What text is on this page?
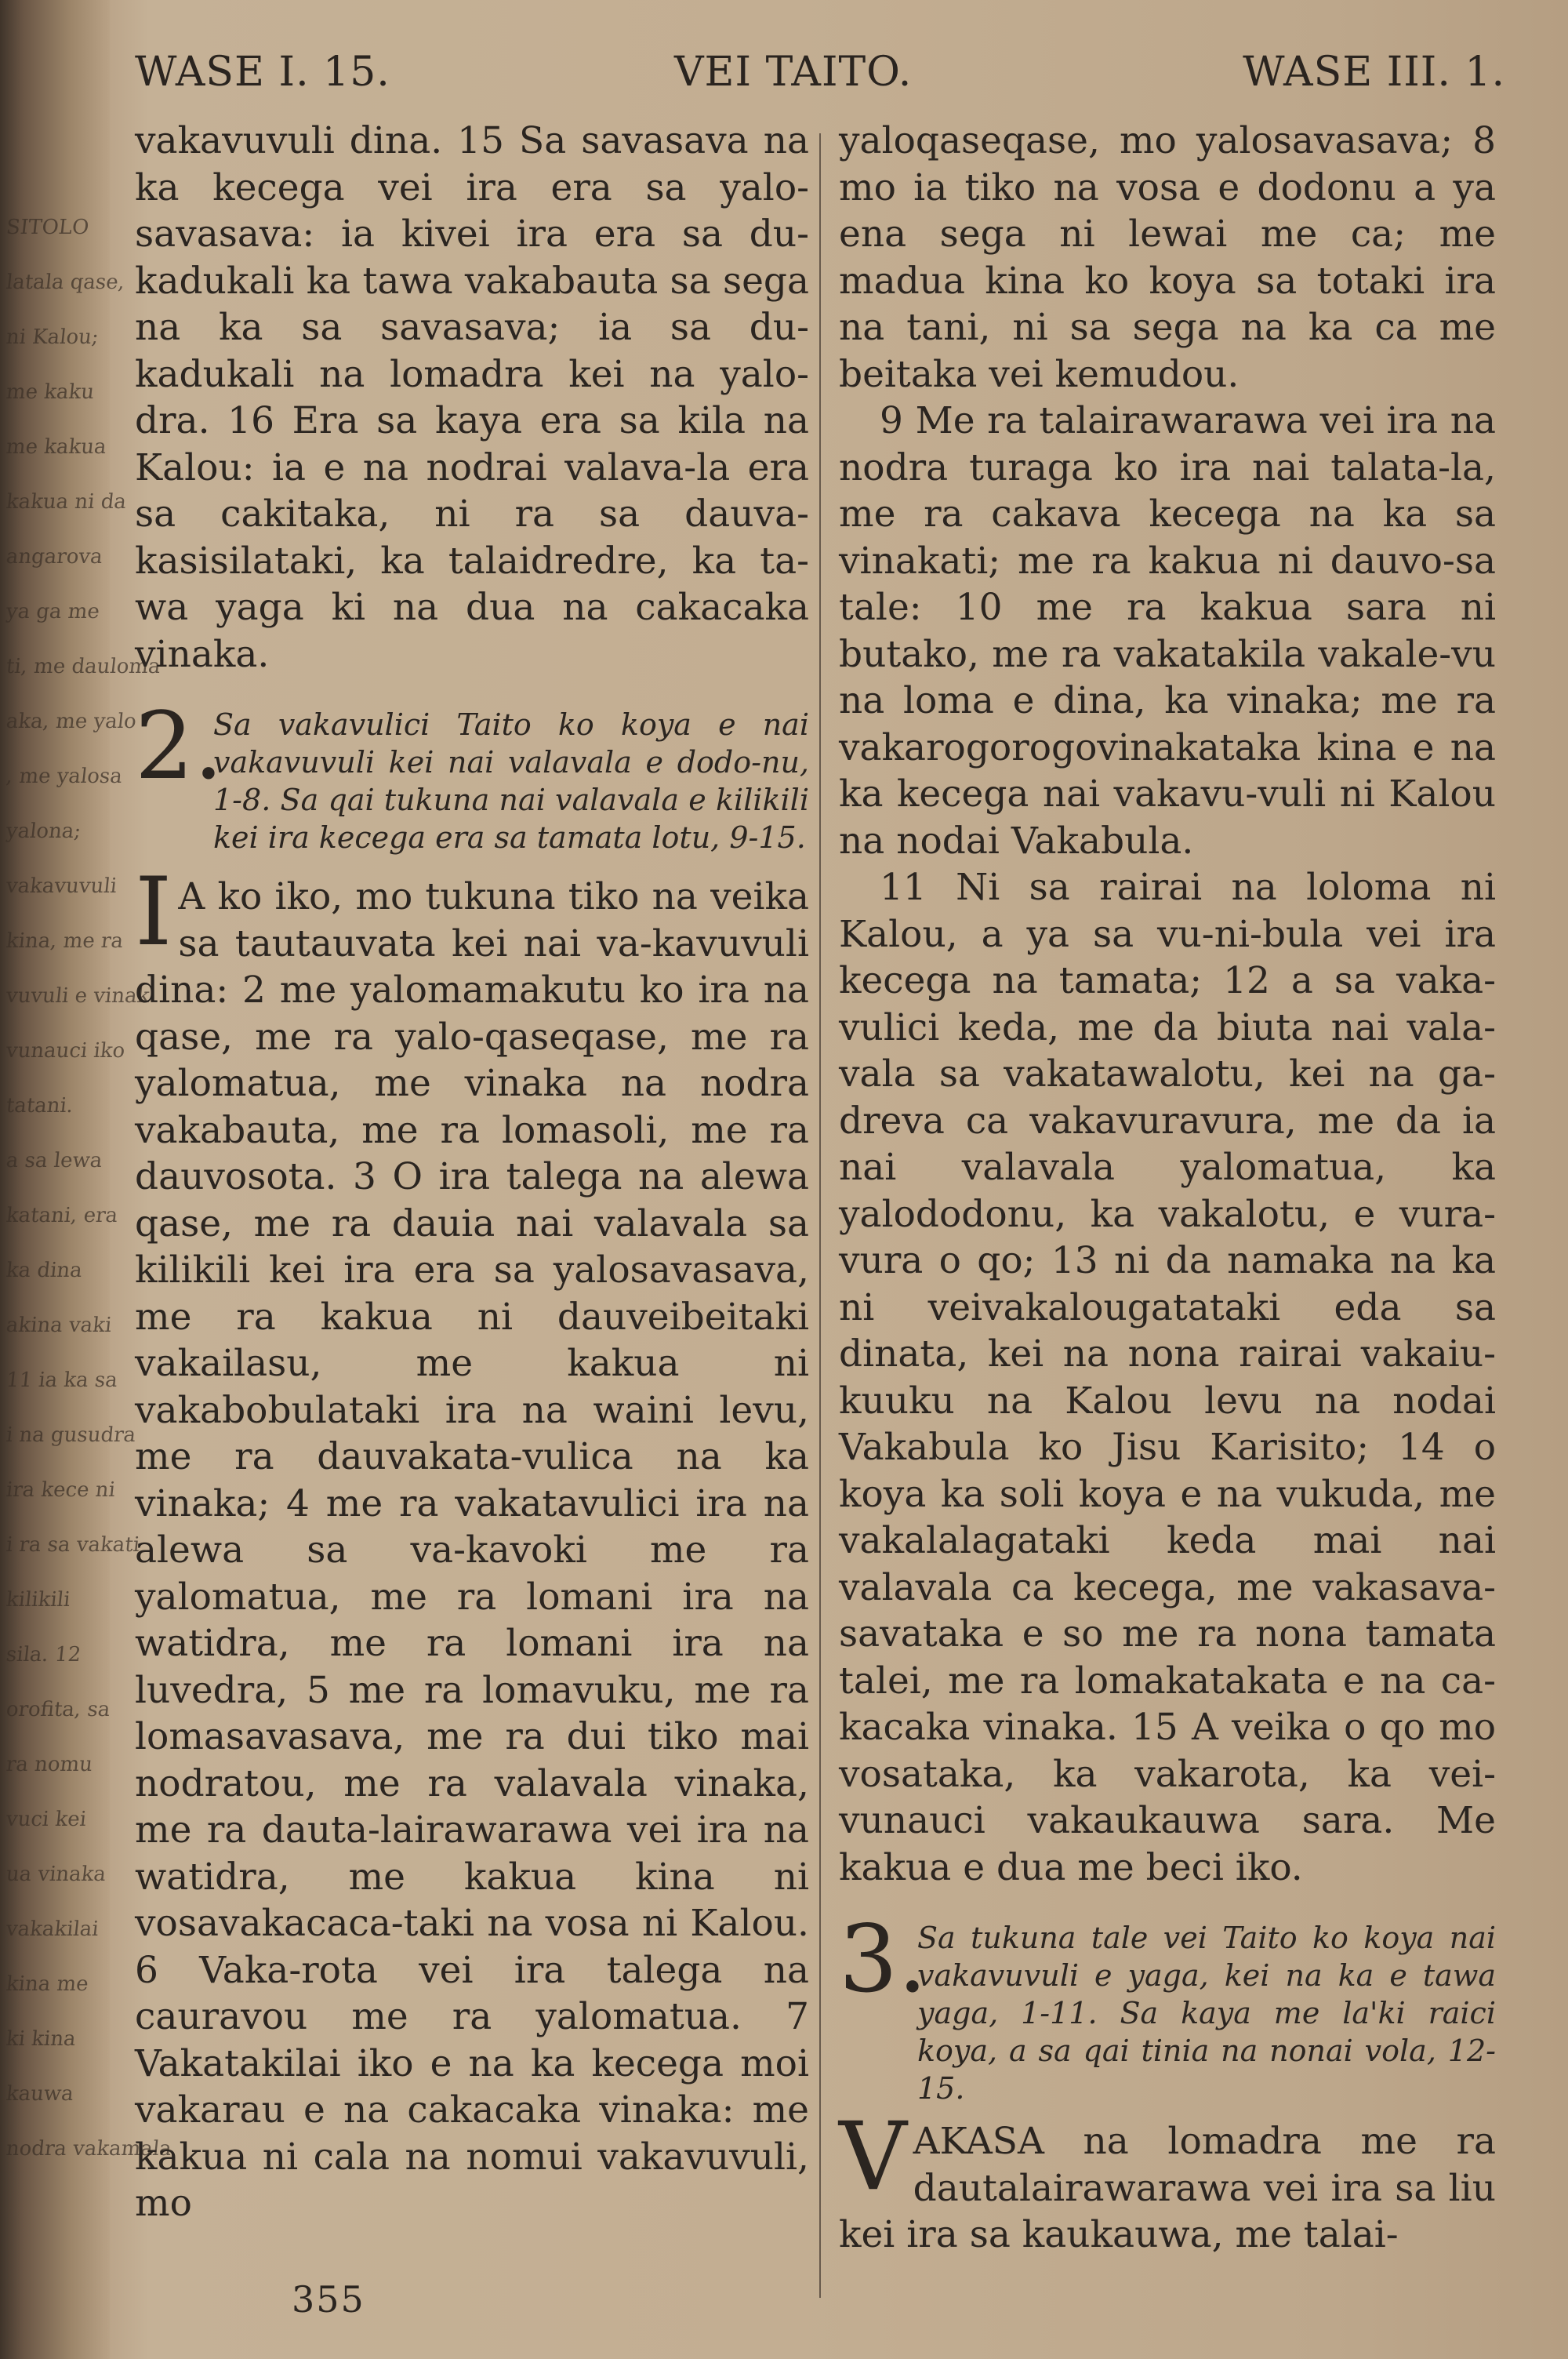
SITOLO
latala qase,
ni Kalou;
me kaku
me kakua
kakua ni da
angarova
ya ga me
ti, me dauloma
aka, me yalo
, me yalosa
yalona;
vakavuvuli
kina, me ra
vuvuli e vinak
vunauci iko
tatani.
a sa lewa
katani, era
ka dina
akina vaki
11 ia ka sa
i na gusudra
ira kece ni
i ra sa vakati
kilikili
sila. 12
orofita, sa
ra nomu
vuci kei
ua vinaka
vakakilai
kina me
ki kina
kauwa
nodra vakamala
WASE I. 15.	VEI TAITO.	WASE III. 1.

vakavuvuli dina. 15 Sa savasava na ka kecega vei ira era sa yalo-savasava: ia kivei ira era sa du-kadukali ka tawa vakabauta sa sega na ka sa savasava; ia sa du-kadukali na lomadra kei na yalo-dra. 16 Era sa kaya era sa kila na Kalou: ia e na nodrai valava-la era sa cakitaka, ni ra sa dauva-kasisilataki, ka talaidredre, ka ta-wa yaga ki na dua na cakacaka vinaka.

2.
Sa vakavulici Taito ko koya e nai vakavuvuli kei nai valavala e dodo-nu, 1-8. Sa qai tukuna nai valavala e kilikili kei ira kecega era sa tamata lotu, 9-15.

I A ko iko, mo tukuna tiko na veika sa tautauvata kei nai va-kavuvuli dina: 2 me yalomamakutu ko ira na qase, me ra yalo-qaseqase, me ra yalomatua, me vinaka na nodra vakabauta, me ra lomasoli, me ra dauvosota. 3 O ira talega na alewa qase, me ra dauia nai valavala sa kilikili kei ira era sa yalosavasava, me ra kakua ni dauveibeitaki vakailasu, me kakua ni vakabobulataki ira na waini levu, me ra dauvakata-vulica na ka vinaka; 4 me ra vakatavulici ira na alewa sa va-kavoki me ra yalomatua, me ra lomani ira na watidra, me ra lomani ira na luvedra, 5 me ra lomavuku, me ra lomasavasava, me ra dui tiko mai nodratou, me ra valavala vinaka, me ra dauta-lairawarawa vei ira na watidra, me kakua kina ni vosavakacaca-taki na vosa ni Kalou. 6 Vaka-rota vei ira talega na cauravou me ra yalomatua. 7 Vakatakilai iko e na ka kecega moi vakarau e na cakacaka vinaka: me kakua ni cala na nomui vakavuvuli, mo

yaloqaseqase, mo yalosavasava; 8 mo ia tiko na vosa e dodonu a ya ena sega ni lewai me ca; me madua kina ko koya sa totaki ira na tani, ni sa sega na ka ca me beitaka vei kemudou.

9 Me ra talairawarawa vei ira na nodra turaga ko ira nai talata-la, me ra cakava kecega na ka sa vinakati; me ra kakua ni dauvo-sa tale: 10 me ra kakua sara ni butako, me ra vakatakila vakale-vu na loma e dina, ka vinaka; me ra vakarogorogovinakataka kina e na ka kecega nai vakavu-vuli ni Kalou na nodai Vakabula.

11 Ni sa rairai na loloma ni Kalou, a ya sa vu-ni-bula vei ira kecega na tamata; 12 a sa vaka-vulici keda, me da biuta nai vala-vala sa vakatawalotu, kei na ga-dreva ca vakavuravura, me da ia nai valavala yalomatua, ka yalododonu, ka vakalotu, e vura-vura o qo; 13 ni da namaka na ka ni veivakalougatataki eda sa dinata, kei na nona rairai vakaiu-kuuku na Kalou levu na nodai Vakabula ko Jisu Karisito; 14 o koya ka soli koya e na vukuda, me vakalalagataki keda mai nai valavala ca kecega, me vakasava-savataka e so me ra nona tamata talei, me ra lomakatakata e na ca-kacaka vinaka. 15 A veika o qo mo vosataka, ka vakarota, ka vei-vunauci vakaukauwa sara. Me kakua e dua me beci iko.

3.
Sa tukuna tale vei Taito ko koya nai vakavuvuli e yaga, kei na ka e tawa yaga, 1-11. Sa kaya me la'ki raici koya, a sa qai tinia na nonai vola, 12-15.

VAKASA na lomadra me ra dautalairawarawa vei ira sa liu kei ira sa kaukauwa, me talai-

355
